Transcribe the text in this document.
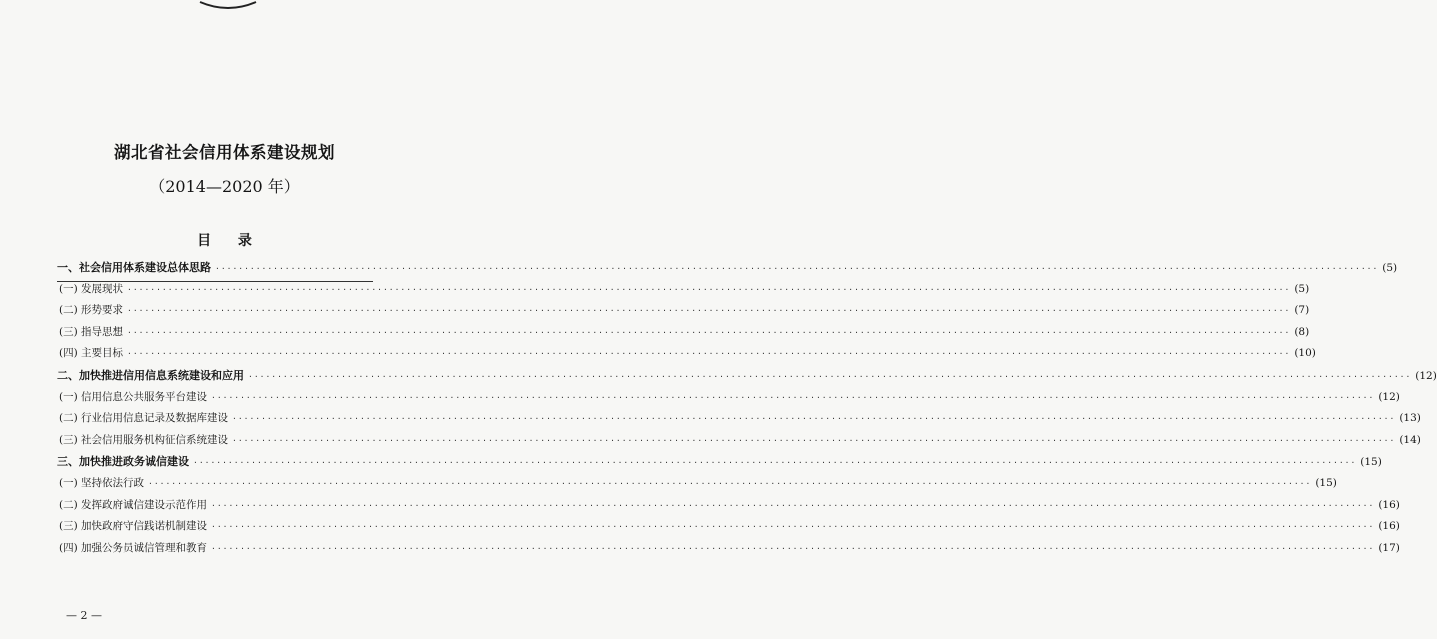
湖北省社会信用体系建设规划
（2014—2020 年）
目 录
一、社会信用体系建设总体思路 ········································································································································································································ (5)
(一) 发展现状 ········································································································································································································ (5)
(二) 形势要求 ········································································································································································································ (7)
(三) 指导思想 ········································································································································································································ (8)
(四) 主要目标 ········································································································································································································ (10)
二、加快推进信用信息系统建设和应用 ········································································································································································································ (12)
(一) 信用信息公共服务平台建设 ········································································································································································································ (12)
(二) 行业信用信息记录及数据库建设 ········································································································································································································ (13)
(三) 社会信用服务机构征信系统建设 ········································································································································································································ (14)
三、加快推进政务诚信建设 ········································································································································································································ (15)
(一) 坚持依法行政 ········································································································································································································ (15)
(二) 发挥政府诚信建设示范作用 ········································································································································································································ (16)
(三) 加快政府守信践诺机制建设 ········································································································································································································ (16)
(四) 加强公务员诚信管理和教育 ········································································································································································································ (17)
— 2 —
